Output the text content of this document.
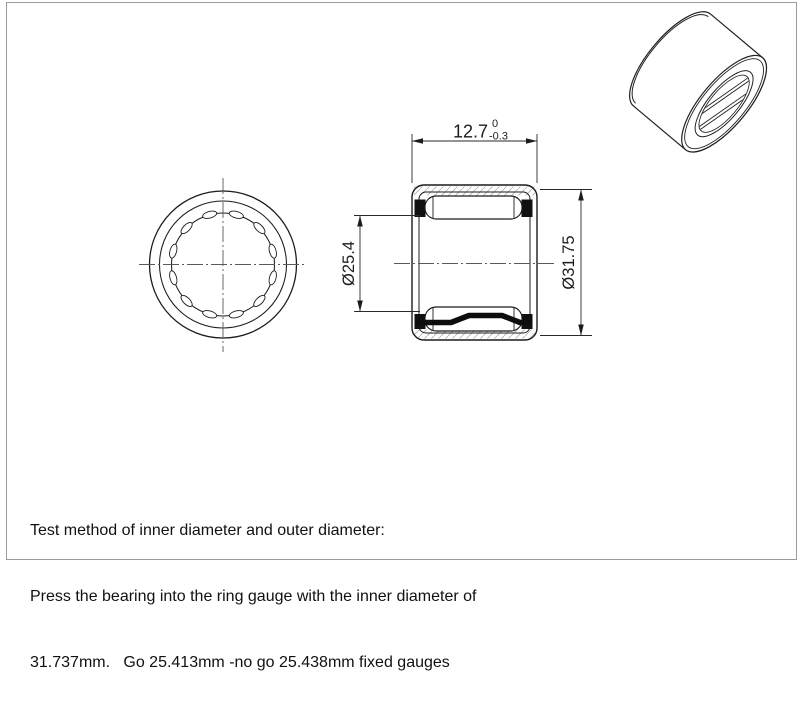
12.7 0
-0.3
Ø25.4	Ø31.75

Test method of inner diameter and outer diameter:

Press the bearing into the ring gauge with the inner diameter of

31.737mm.   Go 25.413mm -no go 25.438mm fixed gauges
